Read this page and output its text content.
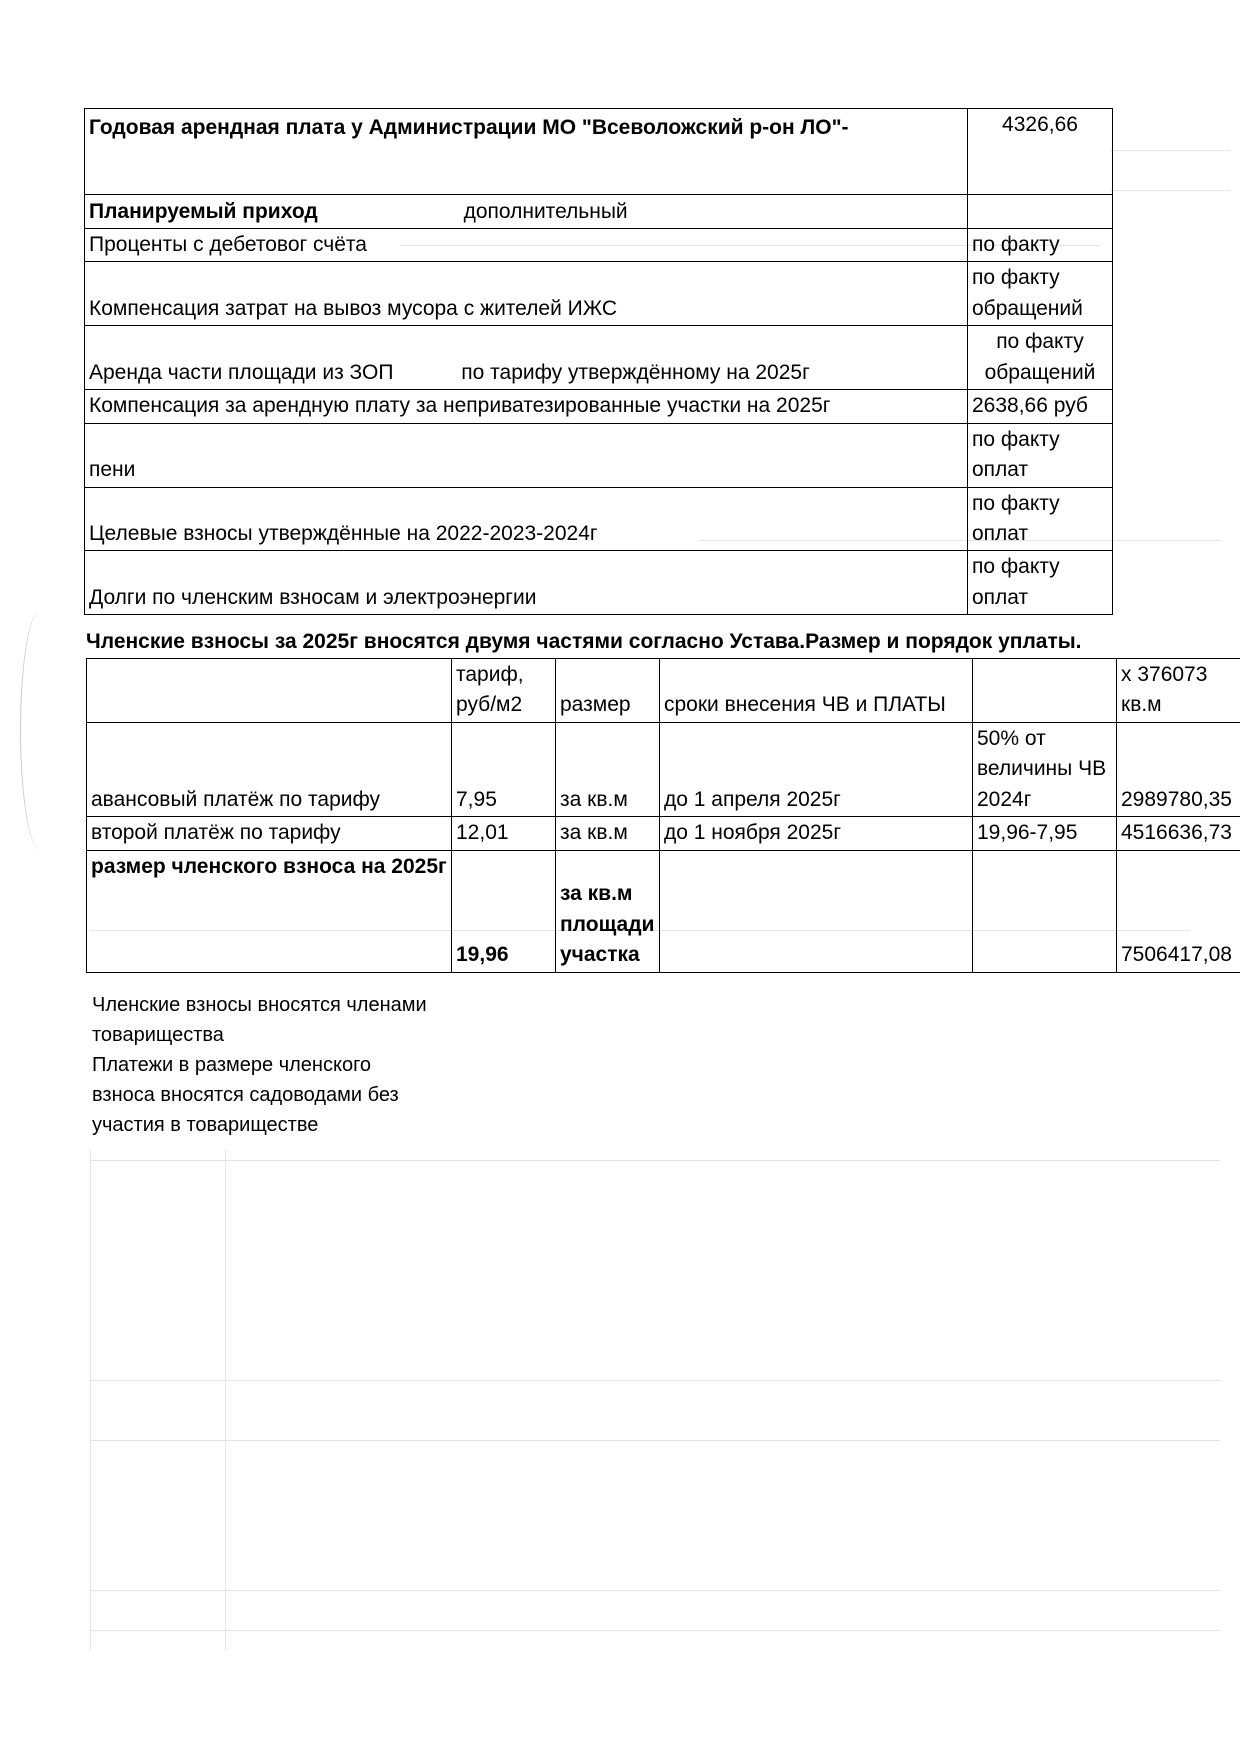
Годовая арендная плата у Администрации МО "Всеволожский р-он ЛО"-	4326,66
Планируемый приход дополнительный	
Проценты с дебетовог счёта	по факту

Компенсация затрат на вывоз мусора с жителей ИЖС	по факту
обращений

Аренда части площади из ЗОП по тарифу утверждённому на 2025г	по факту
обращений

Компенсация за арендную плату за неприватезированные участки на 2025г	2638,66 руб

пени	по факту
оплат

Целевые взносы утверждённые на 2022-2023-2024г	по факту
оплат

Долги по членским взносам и электроэнергии	по факту
оплат
Членские взносы за 2025г вносятся двумя частями согласно Устава.Размер и порядок уплаты.
	тариф, руб/м2	размер	сроки внесения ЧВ и ПЛАТЫ		х 376073 кв.м
авансовый платёж по тарифу	7,95	за кв.м	до 1 апреля 2025г	50% от величины ЧВ 2024г	2989780,35
второй платёж по тарифу	12,01	за кв.м	до 1 ноября 2025г	19,96-7,95	4516636,73
размер членского взноса на 2025г	19,96	за кв.м площади участка			7506417,08
Членские взносы вносятся членами
товарищества
Платежи в размере членского
взноса вносятся садоводами без
участия в товариществе
